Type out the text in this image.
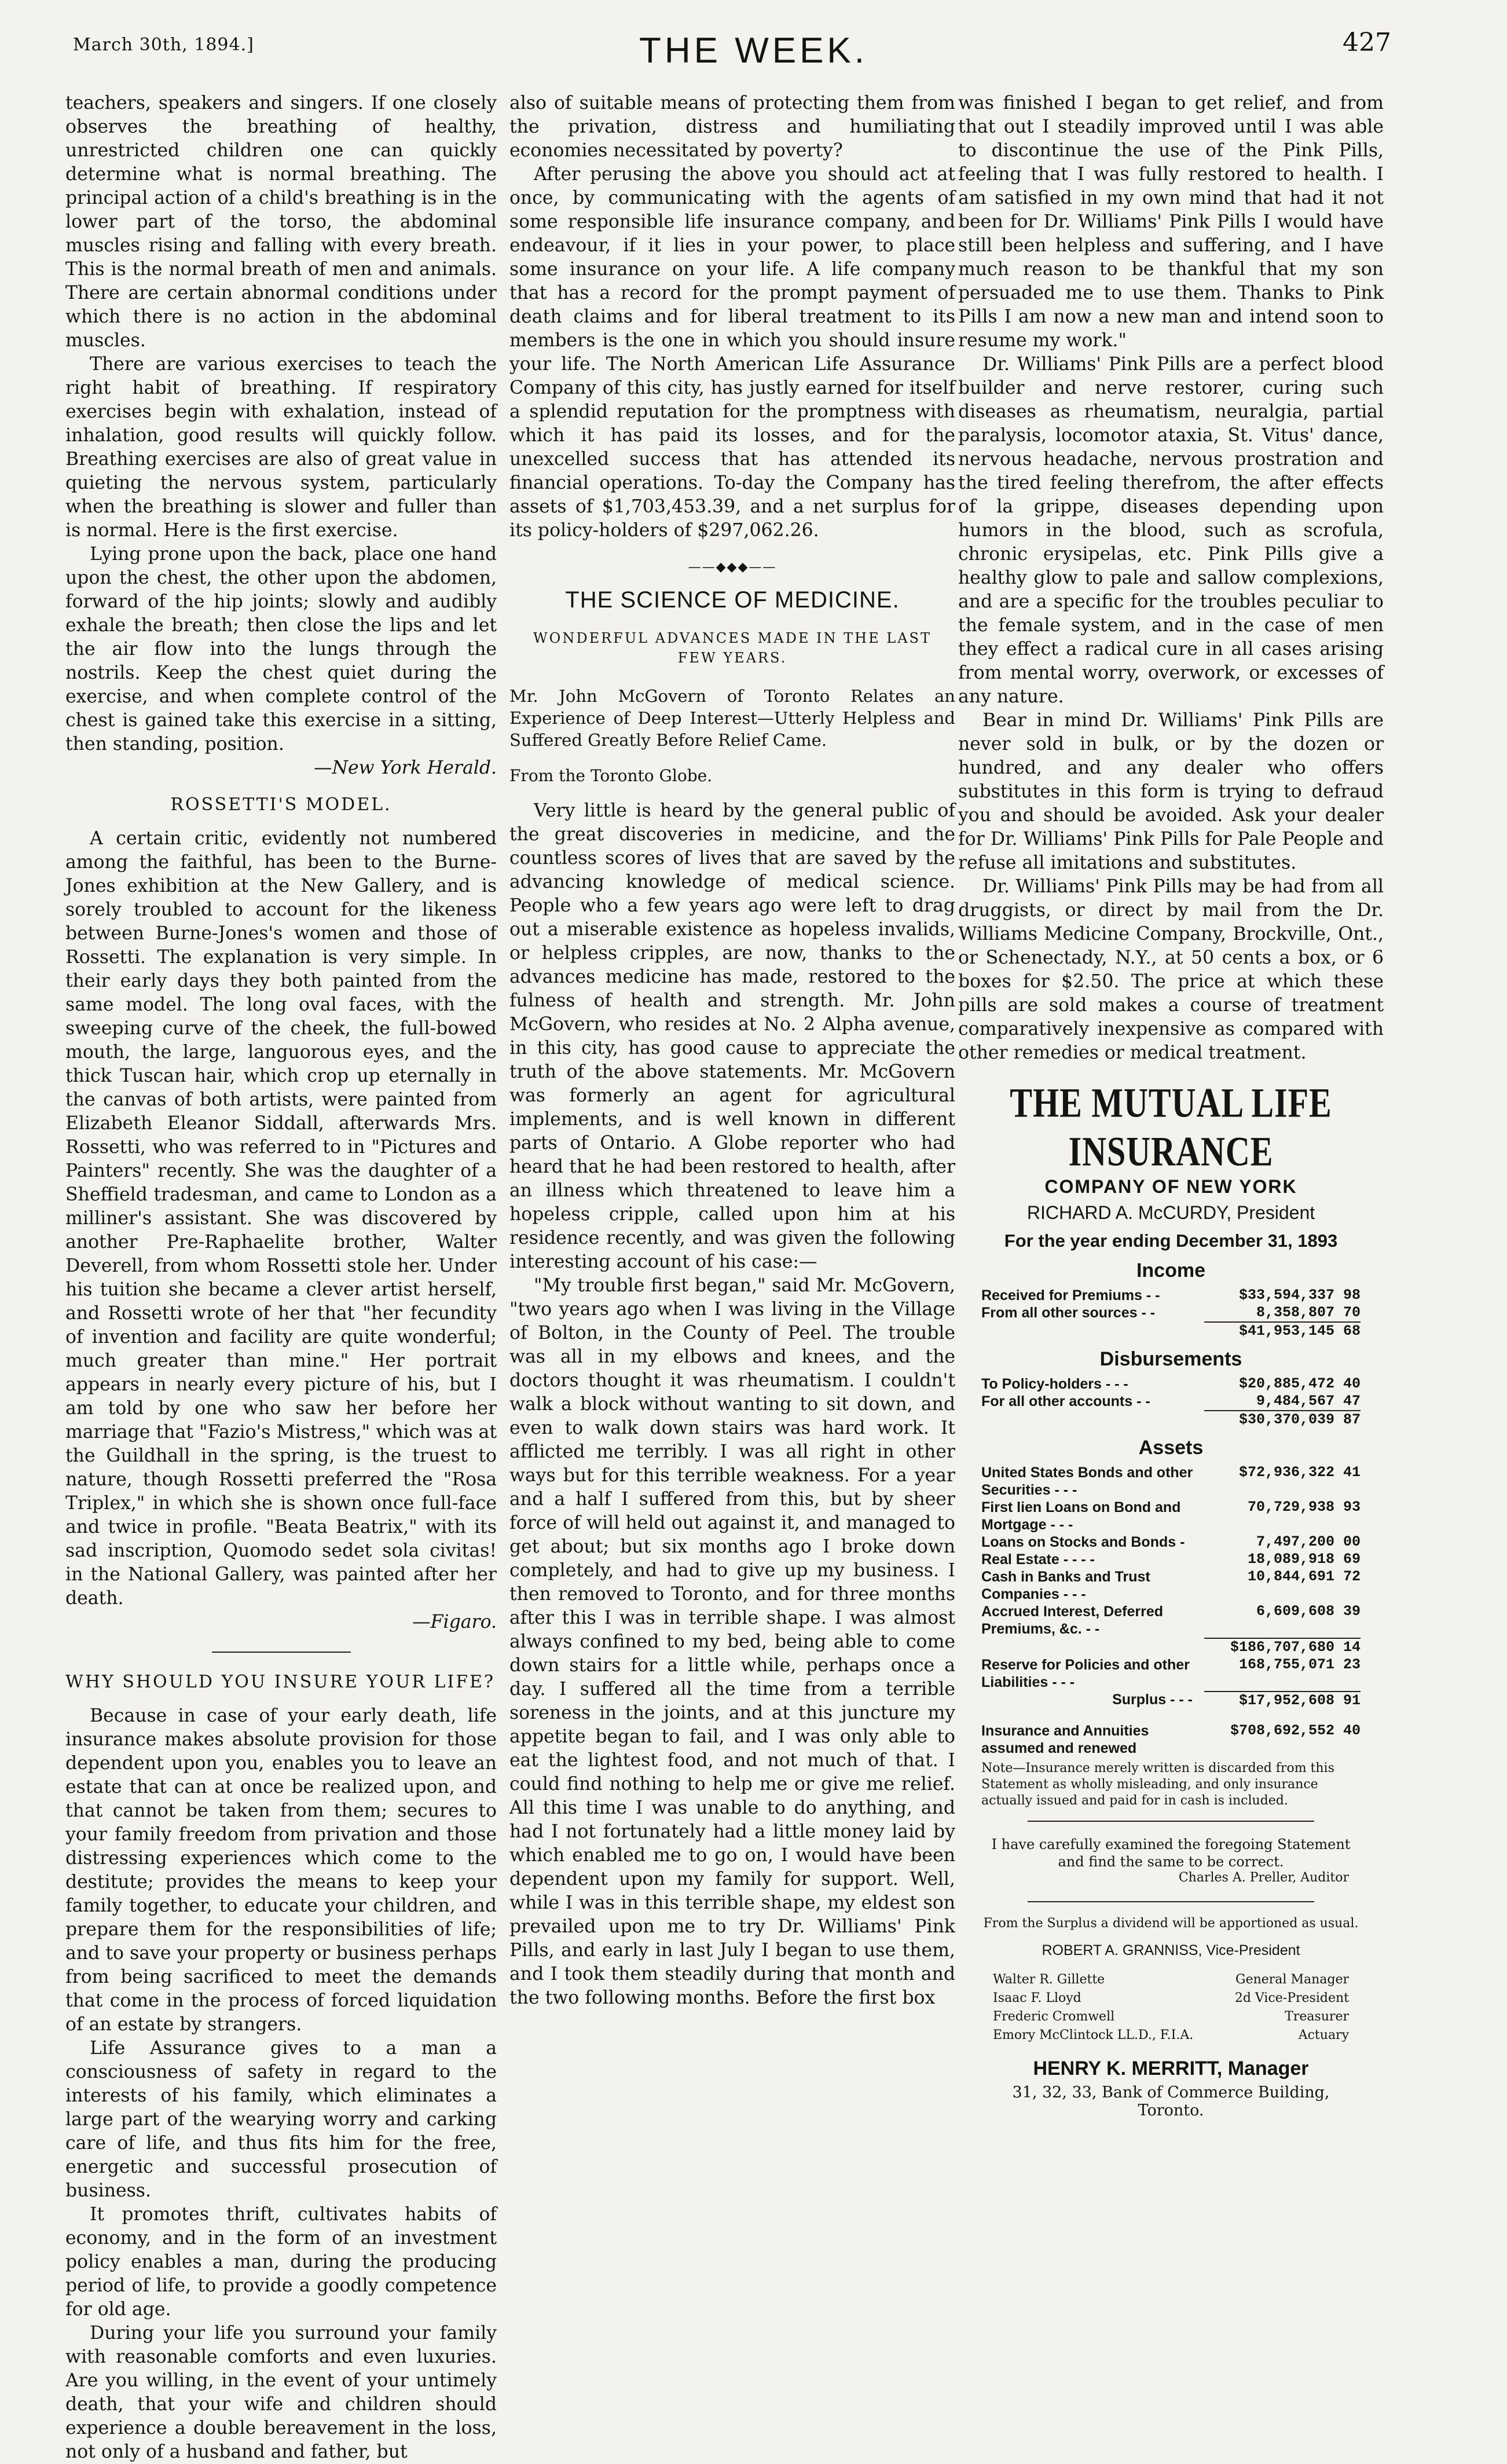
March 30th, 1894.]	THE WEEK.	427

teachers, speakers and singers. If one closely observes the breathing of healthy, unrestricted children one can quickly determine what is normal breathing. The principal action of a child's breathing is in the lower part of the torso, the abdominal muscles rising and falling with every breath. This is the normal breath of men and animals. There are certain abnormal conditions under which there is no action in the abdominal muscles.

There are various exercises to teach the right habit of breathing. If respiratory exercises begin with exhalation, instead of inhalation, good results will quickly follow. Breathing exercises are also of great value in quieting the nervous system, particularly when the breathing is slower and fuller than is normal. Here is the first exercise.

Lying prone upon the back, place one hand upon the chest, the other upon the abdomen, forward of the hip joints; slowly and audibly exhale the breath; then close the lips and let the air flow into the lungs through the nostrils. Keep the chest quiet during the exercise, and when complete control of the chest is gained take this exercise in a sitting, then standing, position.

—New York Herald.
ROSSETTI'S MODEL.

A certain critic, evidently not numbered among the faithful, has been to the Burne-Jones exhibition at the New Gallery, and is sorely troubled to account for the likeness between Burne-Jones's women and those of Rossetti. The explanation is very simple. In their early days they both painted from the same model. The long oval faces, with the sweeping curve of the cheek, the full-bowed mouth, the large, languorous eyes, and the thick Tuscan hair, which crop up eternally in the canvas of both artists, were painted from Elizabeth Eleanor Siddall, afterwards Mrs. Rossetti, who was referred to in "Pictures and Painters" recently. She was the daughter of a Sheffield tradesman, and came to London as a milliner's assistant. She was discovered by another Pre-Raphaelite brother, Walter Deverell, from whom Rossetti stole her. Under his tuition she became a clever artist herself, and Rossetti wrote of her that "her fecundity of invention and facility are quite wonderful; much greater than mine." Her portrait appears in nearly every picture of his, but I am told by one who saw her before her marriage that "Fazio's Mistress," which was at the Guildhall in the spring, is the truest to nature, though Rossetti preferred the "Rosa Triplex," in which she is shown once full-face and twice in profile. "Beata Beatrix," with its sad inscription, Quomodo sedet sola civitas! in the National Gallery, was painted after her death.

—Figaro.
WHY SHOULD YOU INSURE YOUR LIFE?

Because in case of your early death, life insurance makes absolute provision for those dependent upon you, enables you to leave an estate that can at once be realized upon, and that cannot be taken from them; secures to your family freedom from privation and those distressing experiences which come to the destitute; provides the means to keep your family together, to educate your children, and prepare them for the responsibilities of life; and to save your property or business perhaps from being sacrificed to meet the demands that come in the process of forced liquidation of an estate by strangers.

Life Assurance gives to a man a consciousness of safety in regard to the interests of his family, which eliminates a large part of the wearying worry and carking care of life, and thus fits him for the free, energetic and successful prosecution of business.

It promotes thrift, cultivates habits of economy, and in the form of an investment policy enables a man, during the producing period of life, to provide a goodly competence for old age.

During your life you surround your family with reasonable comforts and even luxuries. Are you willing, in the event of your untimely death, that your wife and children should experience a double bereavement in the loss, not only of a husband and father, but

also of suitable means of protecting them from the privation, distress and humiliating economies necessitated by poverty?

After perusing the above you should act at once, by communicating with the agents of some responsible life insurance company, and endeavour, if it lies in your power, to place some insurance on your life. A life company that has a record for the prompt payment of death claims and for liberal treatment to its members is the one in which you should insure your life. The North American Life Assurance Company of this city, has justly earned for itself a splendid reputation for the promptness with which it has paid its losses, and for the unexcelled success that has attended its financial operations. To-day the Company has assets of $1,703,453.39, and a net surplus for its policy-holders of $297,062.26.

——◆◆◆——
THE SCIENCE OF MEDICINE.
WONDERFUL ADVANCES MADE IN THE LAST FEW YEARS.
Mr. John McGovern of Toronto Relates an Experience of Deep Interest—Utterly Helpless and Suffered Greatly Before Relief Came.
From the Toronto Globe.

Very little is heard by the general public of the great discoveries in medicine, and the countless scores of lives that are saved by the advancing knowledge of medical science. People who a few years ago were left to drag out a miserable existence as hopeless invalids, or helpless cripples, are now, thanks to the advances medicine has made, restored to the fulness of health and strength. Mr. John McGovern, who resides at No. 2 Alpha avenue, in this city, has good cause to appreciate the truth of the above statements. Mr. McGovern was formerly an agent for agricultural implements, and is well known in different parts of Ontario. A Globe reporter who had heard that he had been restored to health, after an illness which threatened to leave him a hopeless cripple, called upon him at his residence recently, and was given the following interesting account of his case:—

"My trouble first began," said Mr. McGovern, "two years ago when I was living in the Village of Bolton, in the County of Peel. The trouble was all in my elbows and knees, and the doctors thought it was rheumatism. I couldn't walk a block without wanting to sit down, and even to walk down stairs was hard work. It afflicted me terribly. I was all right in other ways but for this terrible weakness. For a year and a half I suffered from this, but by sheer force of will held out against it, and managed to get about; but six months ago I broke down completely, and had to give up my business. I then removed to Toronto, and for three months after this I was in terrible shape. I was almost always confined to my bed, being able to come down stairs for a little while, perhaps once a day. I suffered all the time from a terrible soreness in the joints, and at this juncture my appetite began to fail, and I was only able to eat the lightest food, and not much of that. I could find nothing to help me or give me relief. All this time I was unable to do anything, and had I not fortunately had a little money laid by which enabled me to go on, I would have been dependent upon my family for support. Well, while I was in this terrible shape, my eldest son prevailed upon me to try Dr. Williams' Pink Pills, and early in last July I began to use them, and I took them steadily during that month and the two following months. Before the first box

was finished I began to get relief, and from that out I steadily improved until I was able to discontinue the use of the Pink Pills, feeling that I was fully restored to health. I am satisfied in my own mind that had it not been for Dr. Williams' Pink Pills I would have still been helpless and suffering, and I have much reason to be thankful that my son persuaded me to use them. Thanks to Pink Pills I am now a new man and intend soon to resume my work."

Dr. Williams' Pink Pills are a perfect blood builder and nerve restorer, curing such diseases as rheumatism, neuralgia, partial paralysis, locomotor ataxia, St. Vitus' dance, nervous headache, nervous prostration and the tired feeling therefrom, the after effects of la grippe, diseases depending upon humors in the blood, such as scrofula, chronic erysipelas, etc. Pink Pills give a healthy glow to pale and sallow complexions, and are a specific for the troubles peculiar to the female system, and in the case of men they effect a radical cure in all cases arising from mental worry, overwork, or excesses of any nature.

Bear in mind Dr. Williams' Pink Pills are never sold in bulk, or by the dozen or hundred, and any dealer who offers substitutes in this form is trying to defraud you and should be avoided. Ask your dealer for Dr. Williams' Pink Pills for Pale People and refuse all imitations and substitutes.

Dr. Williams' Pink Pills may be had from all druggists, or direct by mail from the Dr. Williams Medicine Company, Brockville, Ont., or Schenectady, N.Y., at 50 cents a box, or 6 boxes for $2.50. The price at which these pills are sold makes a course of treatment comparatively inexpensive as compared with other remedies or medical treatment.

THE MUTUAL LIFE INSURANCE
COMPANY OF NEW YORK
RICHARD A. McCURDY, President
For the year ending December 31, 1893
Income
Received for Premiums - -	$33,594,337 98
From all other sources - -	8,358,807 70
$41,953,145 68
Disbursements
To Policy-holders - - -	$20,885,472 40
For all other accounts - -	9,484,567 47
$30,370,039 87
Assets
United States Bonds and other Securities - - -
$72,936,322 41
First lien Loans on Bond and Mortgage - - -
70,729,938 93
Loans on Stocks and Bonds -	7,497,200 00
Real Estate - - - -	18,089,918 69
Cash in Banks and Trust Companies - - -
10,844,691 72
Accrued Interest, Deferred Premiums, &c. - -
6,609,608 39
$186,707,680 14
Reserve for Policies and other Liabilities - - -
168,755,071 23
Surplus - - -	$17,952,608 91
Insurance and Annuities assumed and renewed
$708,692,552 40
Note—Insurance merely written is discarded from this Statement as wholly misleading, and only insurance actually issued and paid for in cash is included.
I have carefully examined the foregoing Statement and find the same to be correct.
Charles A. Preller, Auditor
From the Surplus a dividend will be apportioned as usual.
ROBERT A. GRANNISS, Vice-President
Walter R. Gillette	General Manager
Isaac F. Lloyd	2d Vice-President
Frederic Cromwell	Treasurer
Emory McClintock LL.D., F.I.A.	Actuary
HENRY K. MERRITT, Manager
31, 32, 33, Bank of Commerce Building,
Toronto.
